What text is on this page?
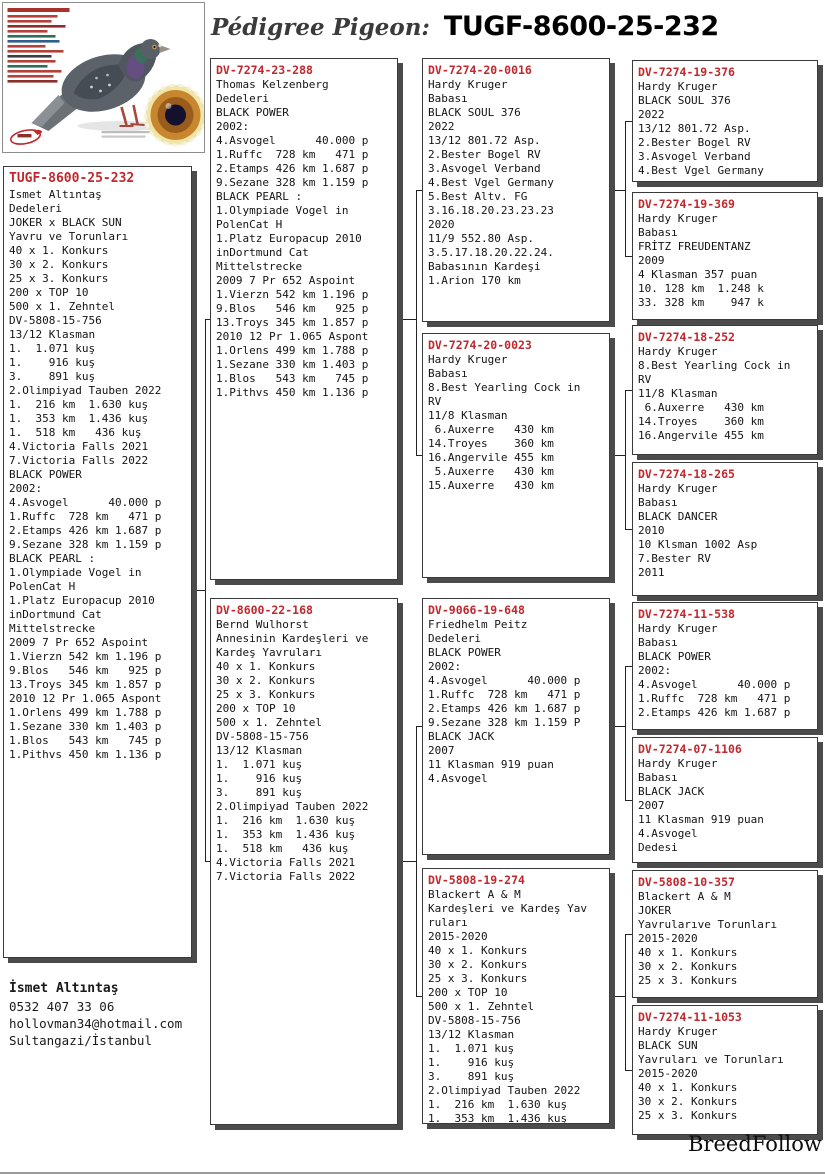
Pédigree Pigeon: TUGF-8600-25-232
TUGF-8600-25-232
Ismet Altıntaş
Dedeleri
JOKER x BLACK SUN
Yavru ve Torunları
40 x 1. Konkurs
30 x 2. Konkurs
25 x 3. Konkurs
200 x TOP 10
500 x 1. Zehntel
DV-5808-15-756
13/12 Klasman
1.  1.071 kuş
1.    916 kuş
3.    891 kuş
2.Olimpiyad Tauben 2022
1.  216 km  1.630 kuş
1.  353 km  1.436 kuş
1.  518 km   436 kuş
4.Victoria Falls 2021
7.Victoria Falls 2022
BLACK POWER
2002:
4.Asvogel      40.000 p
1.Ruffc  728 km   471 p
2.Etamps 426 km 1.687 p
9.Sezane 328 km 1.159 p
BLACK PEARL :
1.Olympiade Vogel in
PolenCat H
1.Platz Europacup 2010
inDortmund Cat
Mittelstrecke
2009 7 Pr 652 Aspoint
1.Vierzn 542 km 1.196 p
9.Blos   546 km   925 p
13.Troys 345 km 1.857 p
2010 12 Pr 1.065 Aspont
1.Orlens 499 km 1.788 p
1.Sezane 330 km 1.403 p
1.Blos   543 km   745 p
1.Pithvs 450 km 1.136 p
DV-7274-23-288
Thomas Kelzenberg
Dedeleri
BLACK POWER
2002:
4.Asvogel      40.000 p
1.Ruffc  728 km   471 p
2.Etamps 426 km 1.687 p
9.Sezane 328 km 1.159 p
BLACK PEARL :
1.Olympiade Vogel in
PolenCat H
1.Platz Europacup 2010
inDortmund Cat
Mittelstrecke
2009 7 Pr 652 Aspoint
1.Vierzn 542 km 1.196 p
9.Blos   546 km   925 p
13.Troys 345 km 1.857 p
2010 12 Pr 1.065 Aspont
1.Orlens 499 km 1.788 p
1.Sezane 330 km 1.403 p
1.Blos   543 km   745 p
1.Pithvs 450 km 1.136 p
DV-8600-22-168
Bernd Wulhorst
Annesinin Kardeşleri ve
Kardeş Yavruları
40 x 1. Konkurs
30 x 2. Konkurs
25 x 3. Konkurs
200 x TOP 10
500 x 1. Zehntel
DV-5808-15-756
13/12 Klasman
1.  1.071 kuş
1.    916 kuş
3.    891 kuş
2.Olimpiyad Tauben 2022
1.  216 km  1.630 kuş
1.  353 km  1.436 kuş
1.  518 km   436 kuş
4.Victoria Falls 2021
7.Victoria Falls 2022
DV-7274-20-0016
Hardy Kruger
Babası
BLACK SOUL 376
2022
13/12 801.72 Asp.
2.Bester Bogel RV
3.Asvogel Verband
4.Best Vgel Germany
5.Best Altv. FG
3.16.18.20.23.23.23
2020
11/9 552.80 Asp.
3.5.17.18.20.22.24.
Babasının Kardeşi
1.Arion 170 km
DV-7274-20-0023
Hardy Kruger
Babası
8.Best Yearling Cock in
RV
11/8 Klasman
6.Auxerre   430 km
14.Troyes    360 km
16.Angervile 455 km
5.Auxerre   430 km
15.Auxerre   430 km
DV-9066-19-648
Friedhelm Peitz
Dedeleri
BLACK POWER
2002:
4.Asvogel      40.000 p
1.Ruffc  728 km   471 p
2.Etamps 426 km 1.687 p
9.Sezane 328 km 1.159 P
BLACK JACK
2007
11 Klasman 919 puan
4.Asvogel
DV-5808-19-274
Blackert A & M
Kardeşleri ve Kardeş Yav
ruları
2015-2020
40 x 1. Konkurs
30 x 2. Konkurs
25 x 3. Konkurs
200 x TOP 10
500 x 1. Zehntel
DV-5808-15-756
13/12 Klasman
1.  1.071 kuş
1.    916 kuş
3.    891 kuş
2.Olimpiyad Tauben 2022
1.  216 km  1.630 kuş
1.  353 km  1.436 kuş
DV-7274-19-376
Hardy Kruger
BLACK SOUL 376
2022
13/12 801.72 Asp.
2.Bester Bogel RV
3.Asvogel Verband
4.Best Vgel Germany
DV-7274-19-369
Hardy Kruger
Babası
FRİTZ FREUDENTANZ
2009
4 Klasman 357 puan
10. 128 km  1.248 k
33. 328 km    947 k
DV-7274-18-252
Hardy Kruger
8.Best Yearling Cock in
RV
11/8 Klasman
6.Auxerre   430 km
14.Troyes    360 km
16.Angervile 455 km
DV-7274-18-265
Hardy Kruger
Babası
BLACK DANCER
2010
10 Klsman 1002 Asp
7.Bester RV
2011
DV-7274-11-538
Hardy Kruger
Babası
BLACK POWER
2002:
4.Asvogel      40.000 p
1.Ruffc  728 km   471 p
2.Etamps 426 km 1.687 p
DV-7274-07-1106
Hardy Kruger
Babası
BLACK JACK
2007
11 Klasman 919 puan
4.Asvogel
Dedesi
DV-5808-10-357
Blackert A & M
JOKER
Yavrularıve Torunları
2015-2020
40 x 1. Konkurs
30 x 2. Konkurs
25 x 3. Konkurs
DV-7274-11-1053
Hardy Kruger
BLACK SUN
Yavruları ve Torunları
2015-2020
40 x 1. Konkurs
30 x 2. Konkurs
25 x 3. Konkurs
İsmet Altıntaş
0532 407 33 06
hollovman34@hotmail.com
Sultangazi/İstanbul
BreedFollow
